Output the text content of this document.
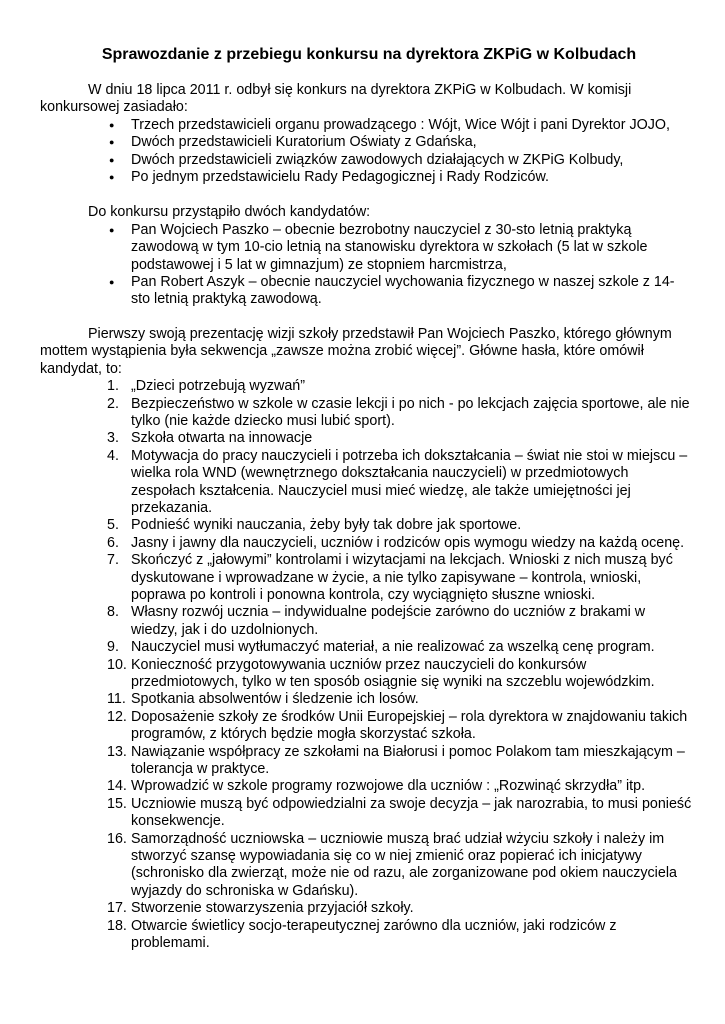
Sprawozdanie z przebiegu konkursu na dyrektora ZKPiG w Kolbudach

W dniu 18 lipca 2011 r. odbył się konkurs na dyrektora ZKPiG w Kolbudach. W komisji konkursowej zasiadało:

● Trzech przedstawicieli organu prowadzącego : Wójt, Wice Wójt i pani Dyrektor JOJO,
● Dwóch przedstawicieli Kuratorium Oświaty z Gdańska,
● Dwóch przedstawicieli związków zawodowych działających w ZKPiG Kolbudy,
● Po jednym przedstawicielu Rady Pedagogicznej i Rady Rodziców.

Do konkursu przystąpiło dwóch kandydatów:

● Pan Wojciech Paszko – obecnie bezrobotny nauczyciel z 30-sto letnią praktyką zawodową w tym 10-cio letnią na stanowisku dyrektora w szkołach (5 lat w szkole podstawowej i 5 lat w gimnazjum) ze stopniem harcmistrza,
● Pan Robert Aszyk – obecnie nauczyciel wychowania fizycznego w naszej szkole z 14-sto letnią praktyką zawodową.

Pierwszy swoją prezentację wizji szkoły przedstawił Pan Wojciech Paszko, którego głównym mottem wystąpienia była sekwencja „zawsze można zrobić więcej”. Główne hasła, które omówił kandydat, to:

1. „Dzieci potrzebują wyzwań”
2. Bezpieczeństwo w szkole w czasie lekcji i po nich - po lekcjach zajęcia sportowe, ale nie tylko (nie każde dziecko musi lubić sport).
3. Szkoła otwarta na innowacje
4. Motywacja do pracy nauczycieli i potrzeba ich dokształcania – świat nie stoi w miejscu – wielka rola WND (wewnętrznego dokształcania nauczycieli) w przedmiotowych zespołach kształcenia. Nauczyciel musi mieć wiedzę, ale także umiejętności jej przekazania.
5. Podnieść wyniki nauczania, żeby były tak dobre jak sportowe.
6. Jasny i jawny dla nauczycieli, uczniów i rodziców opis wymogu wiedzy na każdą ocenę.
7. Skończyć z „jałowymi” kontrolami i wizytacjami na lekcjach. Wnioski z nich muszą być dyskutowane i wprowadzane w życie, a nie tylko zapisywane – kontrola, wnioski, poprawa po kontroli i ponowna kontrola, czy wyciągnięto słuszne wnioski.
8. Własny rozwój ucznia – indywidualne podejście zarówno do uczniów z brakami w wiedzy, jak i do uzdolnionych.
9. Nauczyciel musi wytłumaczyć materiał, a nie realizować za wszelką cenę program.
10. Konieczność przygotowywania uczniów przez nauczycieli do konkursów przedmiotowych, tylko w ten sposób osiągnie się wyniki na szczeblu wojewódzkim.
11. Spotkania absolwentów i śledzenie ich losów.
12. Doposażenie szkoły ze środków Unii Europejskiej – rola dyrektora w znajdowaniu takich programów, z których będzie mogła skorzystać szkoła.
13. Nawiązanie współpracy ze szkołami na Białorusi i pomoc Polakom tam mieszkającym – tolerancja w praktyce.
14. Wprowadzić w szkole programy rozwojowe dla uczniów : „Rozwinąć skrzydła” itp.
15. Uczniowie muszą być odpowiedzialni za swoje decyzja – jak narozrabia, to musi ponieść konsekwencje.
16. Samorządność uczniowska – uczniowie muszą brać udział wżyciu szkoły i należy im stworzyć szansę wypowiadania się co w niej zmienić oraz popierać ich inicjatywy (schronisko dla zwierząt, może nie od razu, ale zorganizowane pod okiem nauczyciela wyjazdy do schroniska w Gdańsku).
17. Stworzenie stowarzyszenia przyjaciół szkoły.
18. Otwarcie świetlicy socjo-terapeutycznej zarówno dla uczniów, jaki rodziców z problemami.
